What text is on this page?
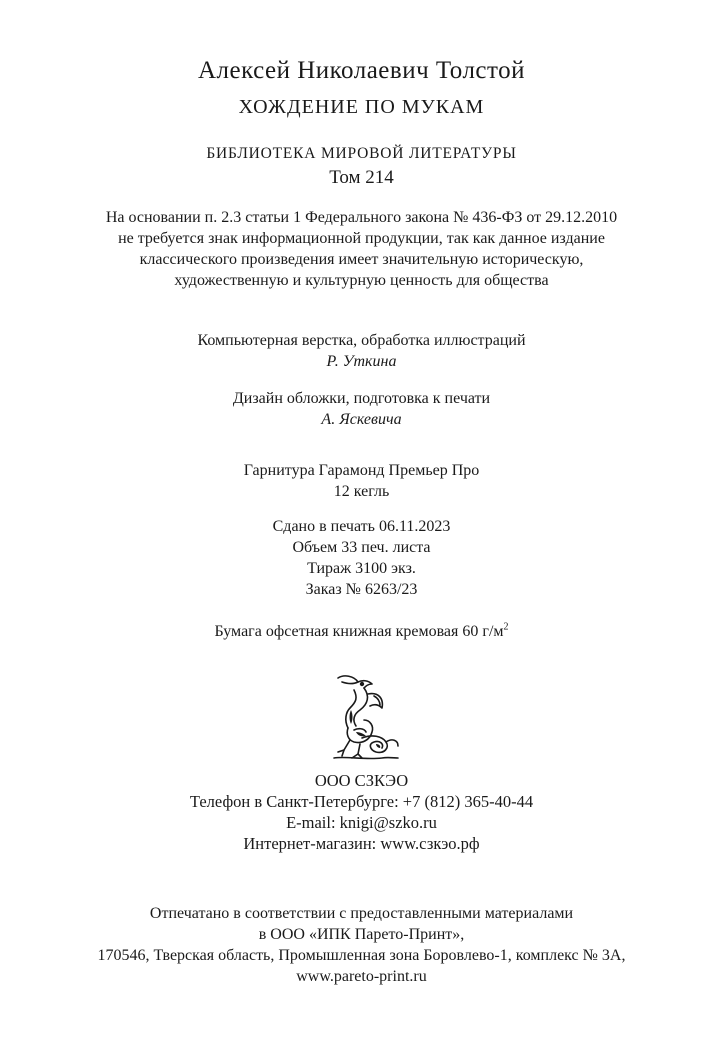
Алексей Николаевич Толстой
ХОЖДЕНИЕ ПО МУКАМ
БИБЛИОТЕКА МИРОВОЙ ЛИТЕРАТУРЫ
Том 214
На основании п. 2.3 статьи 1 Федерального закона № 436-ФЗ от 29.12.2010
не требуется знак информационной продукции, так как данное издание
классического произведения имеет значительную историческую,
художественную и культурную ценность для общества
Компьютерная верстка, обработка иллюстраций
Р. Уткина
Дизайн обложки, подготовка к печати
А. Яскевича
Гарнитура Гарамонд Премьер Про
12 кегль
Сдано в печать 06.11.2023
Объем 33 печ. листа
Тираж 3100 экз.
Заказ № 6263/23
Бумага офсетная книжная кремовая 60 $г/м^2$
ООО СЗКЭО
Телефон в Санкт-Петербурге: +7 (812) 365-40-44
E-mail: knigi@szko.ru
Интернет-магазин: www.сзкэо.рф
Отпечатано в соответствии с предоставленными материалами
в ООО «ИПК Парето-Принт»,
170546, Тверская область, Промышленная зона Боровлево-1, комплекс № 3А,
www.pareto-print.ru
